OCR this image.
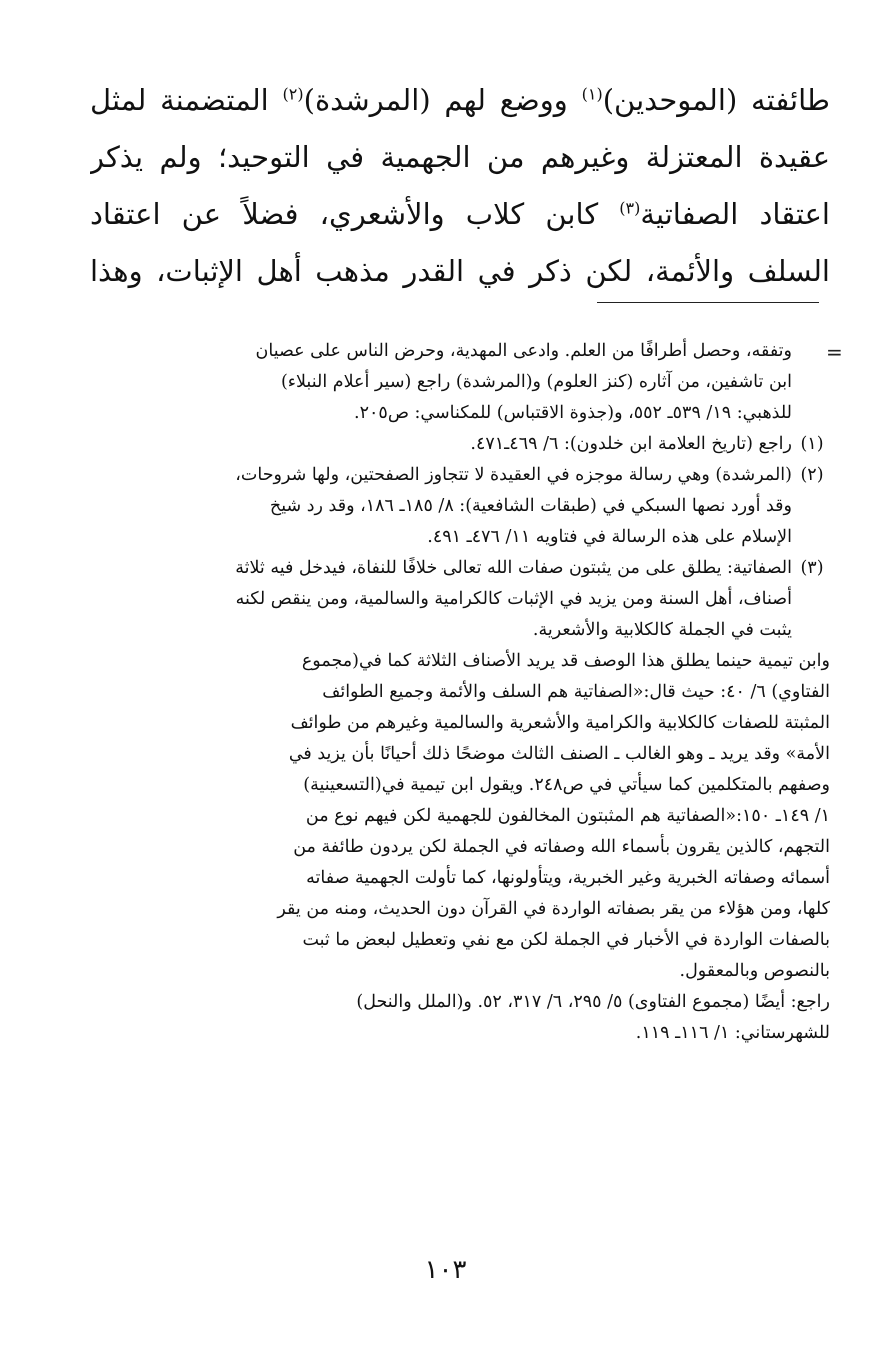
طائفته (الموحدين)$^{(١)}$ ووضع لهم (المرشدة)$^{(٢)}$ المتضمنة لمثل
عقيدة المعتزلة وغيرهم من الجهمية في التوحيد؛ ولم يذكر
اعتقاد الصفاتية$^{(٣)}$ كابن كلاب والأشعري، فضلاً عن اعتقاد
السلف والأئمة، لكن ذكر في القدر مذهب أهل الإثبات، وهذا
=
وتفقه، وحصل أطرافًا من العلم. وادعى المهدية، وحرض الناس على عصيان
ابن تاشفين، من آثاره (كنز العلوم) و(المرشدة) راجع (سير أعلام النبلاء)
للذهبي: ١٩/ ٥٣٩ـ ٥٥٢، و(جذوة الاقتباس) للمكناسي: ص٢٠٥.
(١)
راجع (تاريخ العلامة ابن خلدون): ٦/ ٤٦٩ـ٤٧١.
(٢)
(المرشدة) وهي رسالة موجزه في العقيدة لا تتجاوز الصفحتين، ولها شروحات،
وقد أورد نصها السبكي في (طبقات الشافعية): ٨/ ١٨٥ـ ١٨٦، وقد رد شيخ
الإسلام على هذه الرسالة في فتاويه ١١/ ٤٧٦ـ ٤٩١.
(٣)
الصفاتية: يطلق على من يثبتون صفات الله تعالى خلافًا للنفاة، فيدخل فيه ثلاثة
أصناف، أهل السنة ومن يزيد في الإثبات كالكرامية والسالمية، ومن ينقص لكنه
يثبت في الجملة كالكلابية والأشعرية.
وابن تيمية حينما يطلق هذا الوصف قد يريد الأصناف الثلاثة كما في(مجموع
الفتاوي) ٦/ ٤٠: حيث قال:«الصفاتية هم السلف والأئمة وجميع الطوائف
المثبتة للصفات كالكلابية والكرامية والأشعرية والسالمية وغيرهم من طوائف
الأمة» وقد يريد ـ وهو الغالب ـ الصنف الثالث موضحًا ذلك أحيانًا بأن يزيد في
وصفهم بالمتكلمين كما سيأتي في ص٢٤٨. ويقول ابن تيمية في(التسعينية)
١/ ١٤٩ـ ١٥٠:«الصفاتية هم المثبتون المخالفون للجهمية لكن فيهم نوع من
التجهم، كالذين يقرون بأسماء الله وصفاته في الجملة لكن يردون طائفة من
أسمائه وصفاته الخبرية وغير الخبرية، ويتأولونها، كما تأولت الجهمية صفاته
كلها، ومن هؤلاء من يقر بصفاته الواردة في القرآن دون الحديث، ومنه من يقر
بالصفات الواردة في الأخبار في الجملة لكن مع نفي وتعطيل لبعض ما ثبت
بالنصوص وبالمعقول.
راجع: أيضًا (مجموع الفتاوى) ٥/ ٢٩٥، ٦/ ٣١٧، ٥٢. و(الملل والنحل)
للشهرستاني: ١/ ١١٦ـ ١١٩.
١٠٣
